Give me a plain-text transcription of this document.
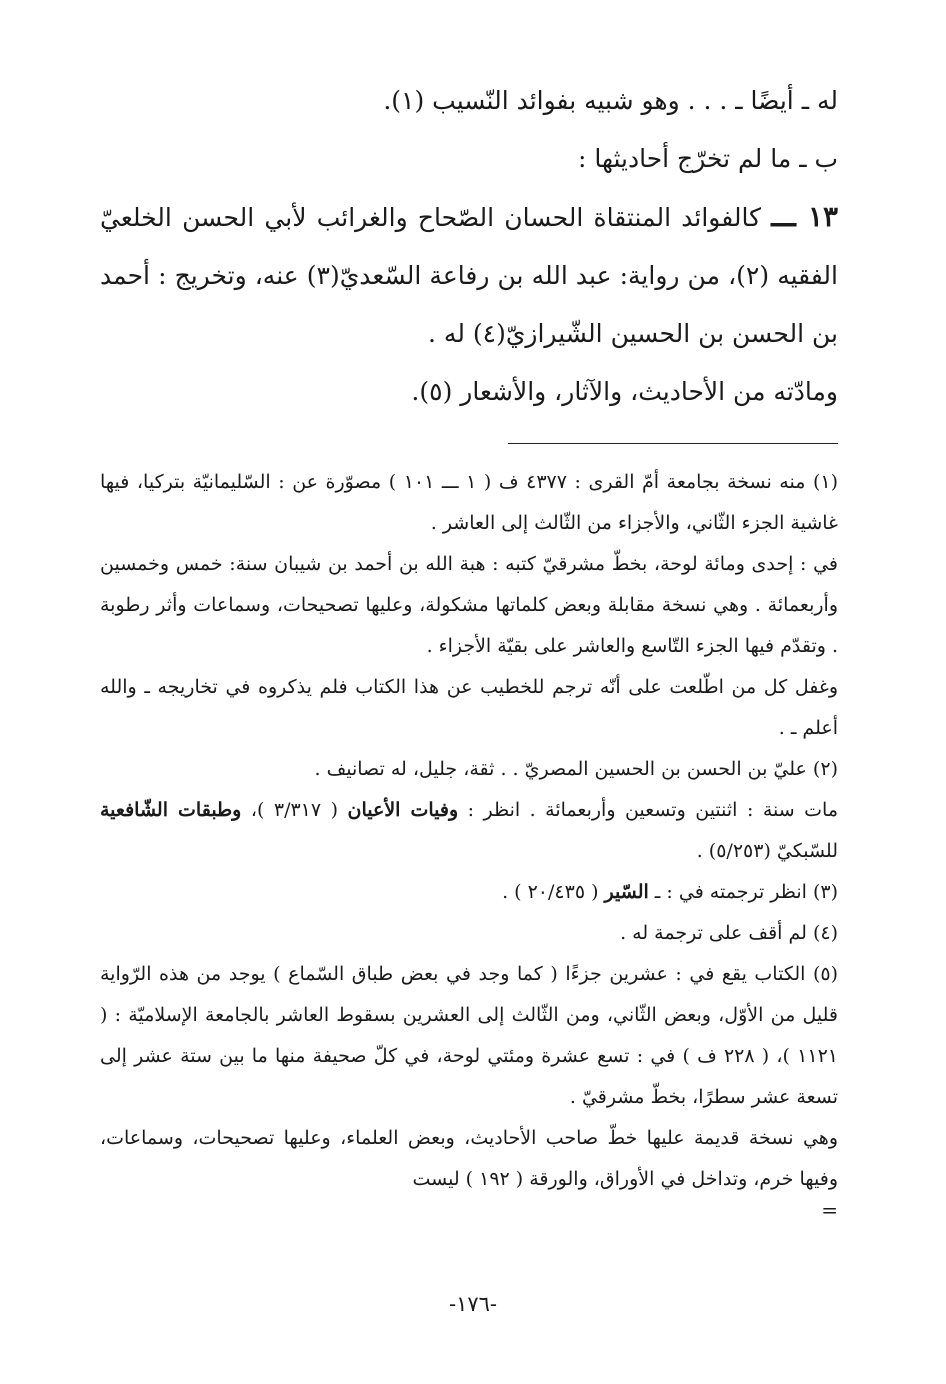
له ـ أيضًا ـ . . . وهو شبيه بفوائد النّسيب (١).
ب ـ ما لم تخرّج أحاديثها :
١٣ ـــ كالفوائد المنتقاة الحسان الصّحاح والغرائب لأبي الحسن الخلعيّ الفقيه (٢)، من رواية: عبد الله بن رفاعة السّعديّ(٣) عنه، وتخريج : أحمد بن الحسن بن الحسين الشّيرازيّ(٤) له .
ومادّته من الأحاديث، والآثار، والأشعار (٥).
(١) منه نسخة بجامعة أمّ القرى : ٤٣٧٧ ف ( ١ ـــ ١٠١ ) مصوّرة عن : السّليمانيّة بتركيا، فيها غاشية الجزء الثّاني، والأجزاء من الثّالث إلى العاشر .
في : إحدى ومائة لوحة، بخطّ مشرقيّ كتبه : هبة الله بن أحمد بن شيبان سنة: خمس وخمسين وأربعمائة . وهي نسخة مقابلة وبعض كلماتها مشكولة، وعليها تصحيحات، وسماعات وأثر رطوبة . وتقدّم فيها الجزء التّاسع والعاشر على بقيّة الأجزاء .
وغفل كل من اطّلعت على أنّه ترجم للخطيب عن هذا الكتاب فلم يذكروه في تخاريجه ـ والله أعلم ـ .
(٢) عليّ بن الحسن بن الحسين المصريّ . . ثقة، جليل، له تصانيف .
مات سنة : اثنتين وتسعين وأربعمائة . انظر : وفيات الأعيان ( ٣/٣١٧ )، وطبقات الشّافعية للسّبكيّ (٥/٢٥٣) .
(٣) انظر ترجمته في : ـ السّير ( ٢٠/٤٣٥ ) .
(٤) لم أقف على ترجمة له .
(٥) الكتاب يقع في : عشرين جزءًا ( كما وجد في بعض طباق السّماع ) يوجد من هذه الرّواية قليل من الأوّل، وبعض الثّاني، ومن الثّالث إلى العشرين بسقوط العاشر بالجامعة الإسلاميّة : ( ١١٢١ )، ( ٢٢٨ ف ) في : تسع عشرة ومئتي لوحة، في كلّ صحيفة منها ما بين ستة عشر إلى تسعة عشر سطرًا، بخطّ مشرقيّ .
وهي نسخة قديمة عليها خطّ صاحب الأحاديث، وبعض العلماء، وعليها تصحيحات، وسماعات، وفيها خرم، وتداخل في الأوراق، والورقة ( ١٩٢ ) ليست
=
-١٧٦-
